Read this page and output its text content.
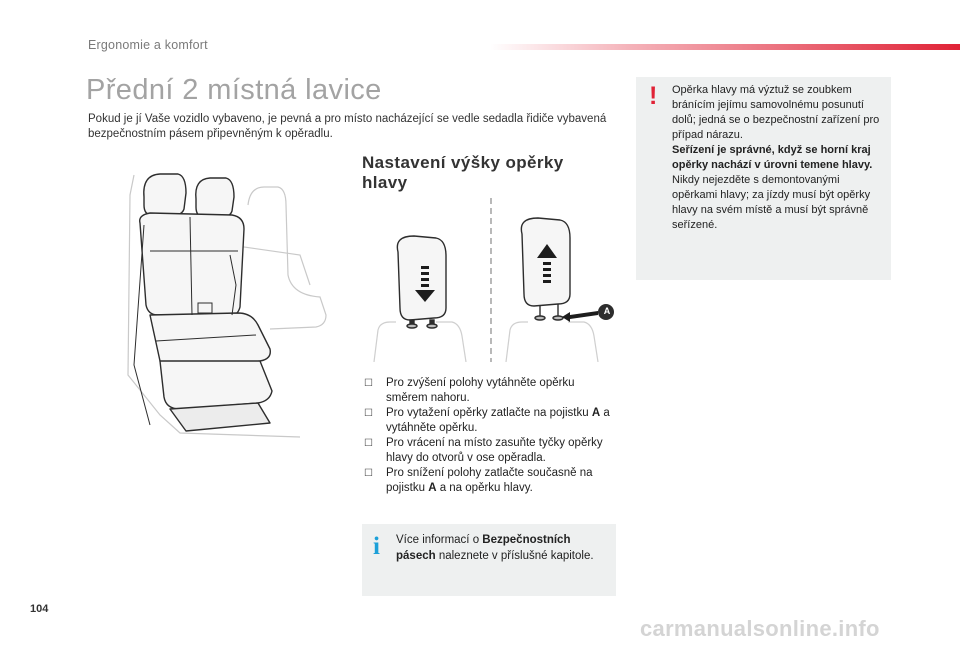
Ergonomie a komfort
Přední 2 místná lavice

Pokud je jí Vaše vozidlo vybaveno, je pevná a pro místo nacházející se vedle sedadla řidiče vybavená bezpečnostním pásem připevněným k opěradlu.

Nastavení výšky opěrky hlavy
A
☐ Pro zvýšení polohy vytáhněte opěrku směrem nahoru.
☐ Pro vytažení opěrky zatlačte na pojistku A a vytáhněte opěrku.
☐ Pro vrácení na místo zasuňte tyčky opěrky hlavy do otvorů v ose opěradla.
☐ Pro snížení polohy zatlačte současně na pojistku A a na opěrku hlavy.
i Více informací o Bezpečnostních pásech naleznete v příslušné kapitole.
! Opěrka hlavy má výztuž se zoubkem bránícím jejímu samovolnému posunutí dolů; jedná se o bezpečnostní zařízení pro případ nárazu.
Seřízení je správné, když se horní kraj opěrky nachází v úrovni temene hlavy.
Nikdy nejezděte s demontovanými opěrkami hlavy; za jízdy musí být opěrky hlavy na svém místě a musí být správně seřízené.
104
carmanualsonline.info
